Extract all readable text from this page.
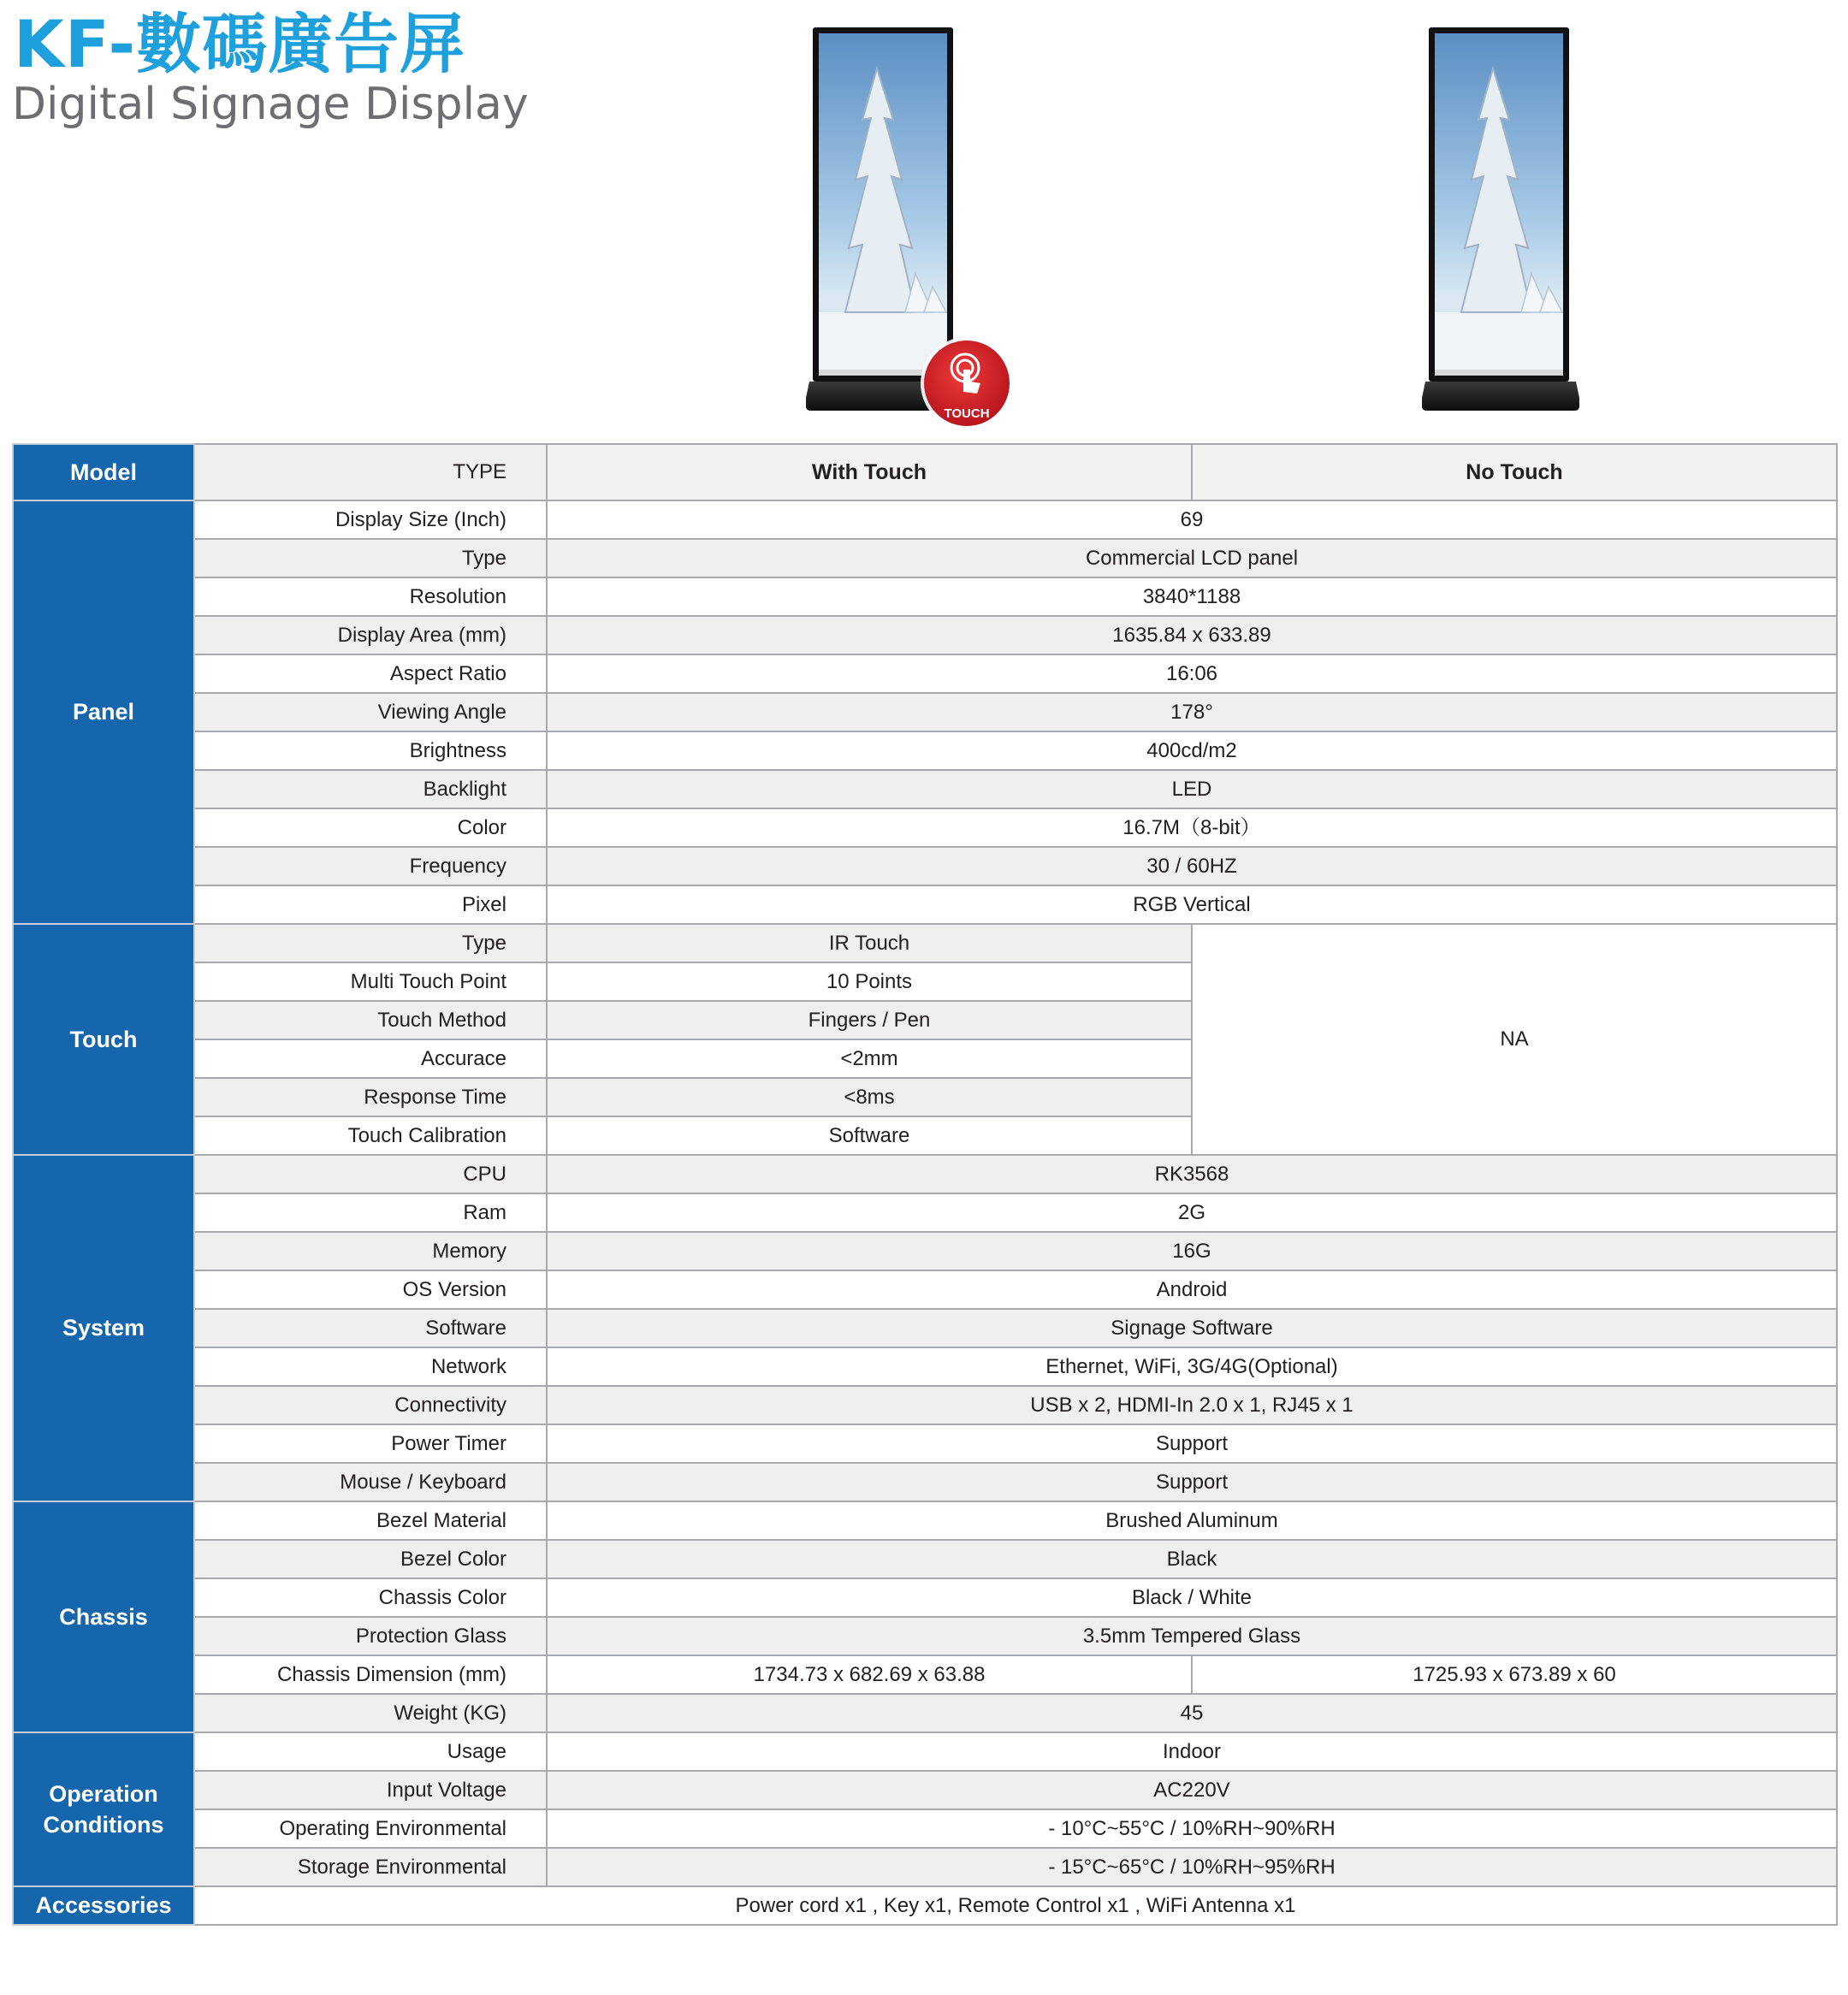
KF-數碼廣告屏
Digital Signage Display
TOUCH
Model	TYPE	With Touch	No Touch
Panel	Display Size (Inch)	69	
	Type	Commercial LCD panel	
	Resolution	3840*1188	
	Display Area (mm)	1635.84 x 633.89	
	Aspect Ratio	16:06	
	Viewing Angle	178°	
	Brightness	400cd/m2	
	Backlight	LED	
	Color	16.7M（8-bit）	
	Frequency	30 / 60HZ	
	Pixel	RGB Vertical	
Touch	Type	IR Touch	NA
	Multi Touch Point	10 Points	
	Touch Method	Fingers / Pen	
	Accurace	<2mm	
	Response Time	<8ms	
	Touch Calibration	Software	
System	CPU	RK3568	
	Ram	2G	
	Memory	16G	
	OS Version	Android	
	Software	Signage Software	
	Network	Ethernet, WiFi, 3G/4G(Optional)	
	Connectivity	USB x 2, HDMI-In 2.0 x 1, RJ45 x 1	
	Power Timer	Support	
	Mouse / Keyboard	Support	
Chassis	Bezel Material	Brushed Aluminum	
	Bezel Color	Black	
	Chassis Color	Black / White	
	Protection Glass	3.5mm Tempered Glass	
	Chassis Dimension (mm)	1734.73 x 682.69 x 63.88	1725.93 x 673.89 x 60
	Weight (KG)	45	
Operation Conditions	Usage	Indoor	
	Input Voltage	AC220V	
	Operating Environmental	- 10°C~55°C / 10%RH~90%RH	
	Storage Environmental	- 15°C~65°C / 10%RH~95%RH	
Accessories	Power cord x1 , Key x1, Remote Control x1 , WiFi Antenna x1		
